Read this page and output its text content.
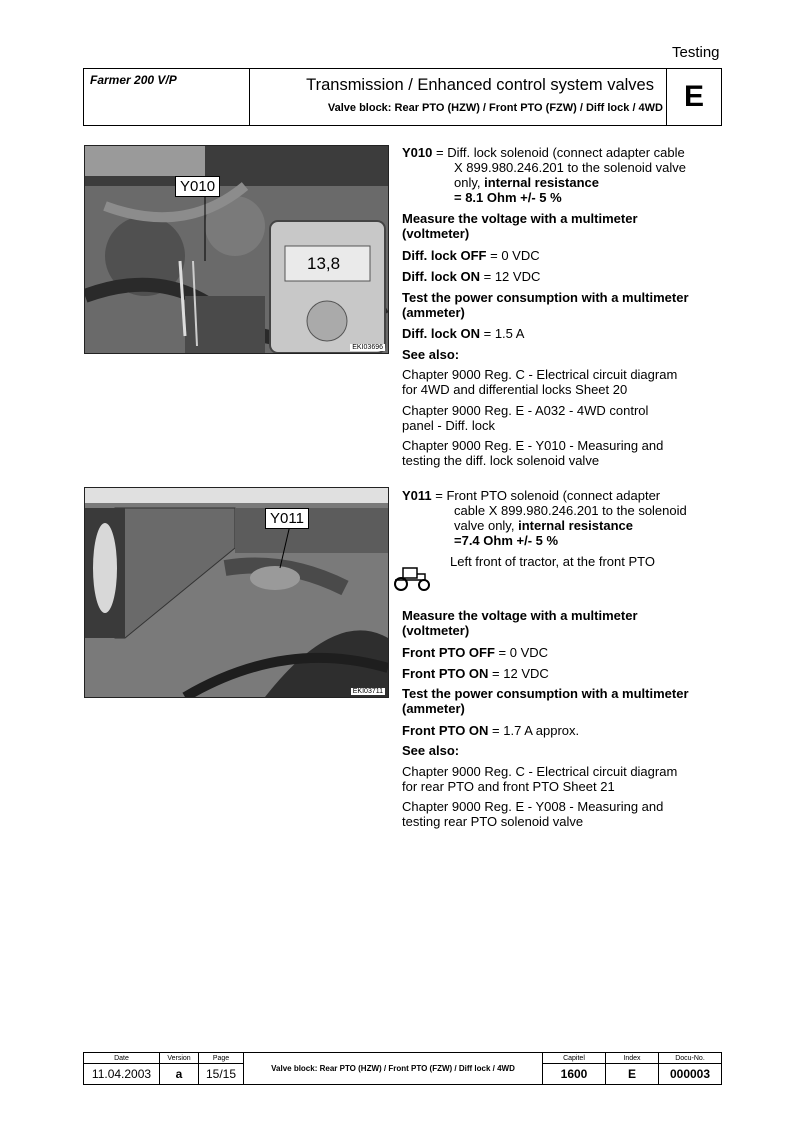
Testing
Farmer 200 V/P	Transmission / Enhanced control system valves
Valve block: Rear PTO (HZW) / Front PTO (FZW) / Diff lock / 4WD E
Y010
13,8
EKI03696
Y011
EKI03711
Y010 = Diff. lock solenoid (connect adapter cable
X 899.980.246.201 to the solenoid valve
only, internal resistance
= 8.1 Ohm +/- 5 %
Measure the voltage with a multimeter
(voltmeter)
Diff. lock OFF = 0 VDC
Diff. lock ON = 12 VDC
Test the power consumption with a multimeter
(ammeter)
Diff. lock ON = 1.5 A
See also:
Chapter 9000 Reg. C - Electrical circuit diagram
for 4WD and differential locks Sheet 20
Chapter 9000 Reg. E - A032 - 4WD control
panel - Diff. lock
Chapter 9000 Reg. E - Y010 - Measuring and
testing the diff. lock solenoid valve
Y011 = Front PTO solenoid (connect adapter
cable X 899.980.246.201 to the solenoid
valve only, internal resistance
=7.4 Ohm +/- 5 %
Left front of tractor, at the front PTO
Measure the voltage with a multimeter
(voltmeter)
Front PTO OFF = 0 VDC
Front PTO ON = 12 VDC
Test the power consumption with a multimeter
(ammeter)
Front PTO ON = 1.7 A approx.
See also:
Chapter 9000 Reg. C - Electrical circuit diagram
for rear PTO and front PTO Sheet 21
Chapter 9000 Reg. E - Y008 - Measuring and
testing rear PTO solenoid valve
Date	Version	Page	Valve block: Rear PTO (HZW) / Front PTO (FZW) / Diff lock / 4WD	Capitel	Index	Docu-No.
11.04.2003	a	15/15		1600	E	000003
